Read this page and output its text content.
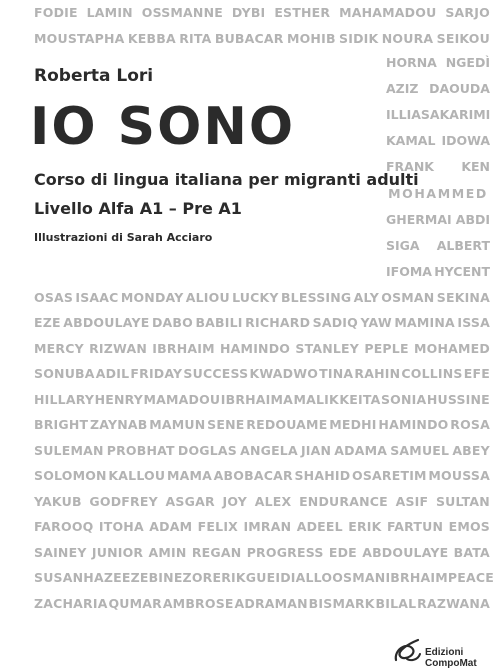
FODIE LAMIN OSSMANNE DYBI ESTHER MAHAMADOU SARJO
MOUSTAPHA KEBBA RITA BUBACAR MOHIB SIDIK NOURA SEIKOU
HORNA NGEDÌ
AZIZ DAOUDA
ILLIASA KARIMI
KAMAL IDOWA
FRANK KEN
MOHAMMED
GHERMAI ABDI
SIGA ALBERT
IFOMA HYCENT
Roberta Lori
IO SONO
Corso di lingua italiana per migranti adulti
Livello Alfa A1 – Pre A1
Illustrazioni di Sarah Acciaro
OSAS ISAAC MONDAY ALIOU LUCKY BLESSING ALY OSMAN SEKINA
EZE ABDOULAYE DABO BABILI RICHARD SADIQ YAW MAMINA ISSA
MERCY RIZWAN IBRHAIM HAMINDO STANLEY PEPLE MOHAMED
SONUBA ADIL FRIDAY SUCCESS KWADWO TINA RAHIN COLLINS EFE
HILLARY HENRY MAMADOU IBRHAIMA MALIK KEITA SONIA HUSSINE
BRIGHT ZAYNAB MAMUN SENE REDOUAME MEDHI HAMINDO ROSA
SULEMAN PROBHAT DOGLAS ANGELA JIAN ADAMA SAMUEL ABEY
SOLOMON KALLOU MAMA ABOBACAR SHAHID OSARETIM MOUSSA
YAKUB GODFREY ASGAR JOY ALEX ENDURANCE ASIF SULTAN
FAROOQ ITOHA ADAM FELIX IMRAN ADEEL ERIK FARTUN EMOS
SAINEY JUNIOR AMIN REGAN PROGRESS EDE ABDOULAYE BATA
SUSAN HAZEEZ EBINEZOR ERIK GUEI DIALLO OSMAN IBRHAIM PEACE
ZACHARIA QUMAR AMBROSE ADRAMAN BISMARK BILAL RAZWANA
Edizioni CompoMat
